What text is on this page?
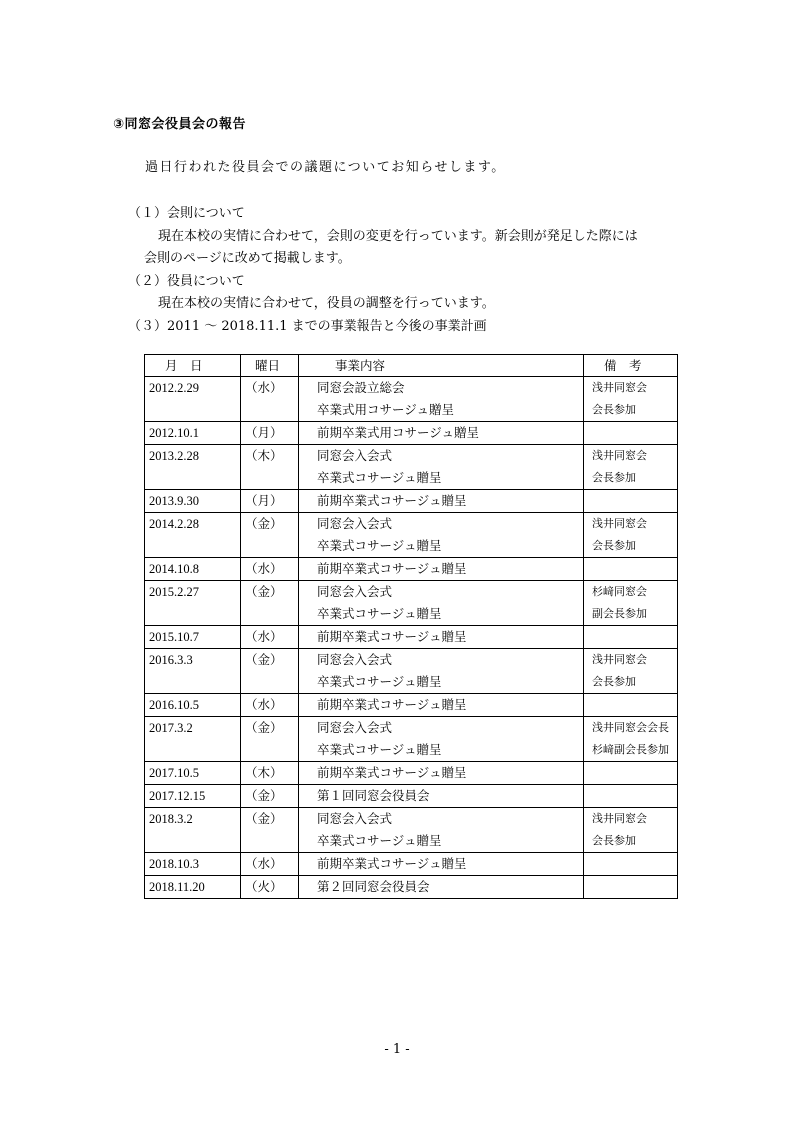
③同窓会役員会の報告
過日行われた役員会での議題についてお知らせします。
（１）会則について
現在本校の実情に合わせて，会則の変更を行っています。新会則が発足した際には
会則のページに改めて掲載します。
（２）役員について
現在本校の実情に合わせて，役員の調整を行っています。
（３）2011 ～ 2018.11.1 までの事業報告と今後の事業計画
月　日	曜日	事業内容	備　考

2012.2.29	（水）	同窓会設立総会
卒業式用コサージュ贈呈	浅井同窓会
会長参加

2012.10.1	（月）	前期卒業式用コサージュ贈呈	

2013.2.28	（木）	同窓会入会式
卒業式コサージュ贈呈	浅井同窓会
会長参加

2013.9.30	（月）	前期卒業式コサージュ贈呈	

2014.2.28	（金）	同窓会入会式
卒業式コサージュ贈呈	浅井同窓会
会長参加

2014.10.8	（水）	前期卒業式コサージュ贈呈	

2015.2.27	（金）	同窓会入会式
卒業式コサージュ贈呈	杉﨑同窓会
副会長参加

2015.10.7	（水）	前期卒業式コサージュ贈呈	

2016.3.3	（金）	同窓会入会式
卒業式コサージュ贈呈	浅井同窓会
会長参加

2016.10.5	（水）	前期卒業式コサージュ贈呈	

2017.3.2	（金）	同窓会入会式
卒業式コサージュ贈呈	浅井同窓会会長
杉﨑副会長参加

2017.10.5	（木）	前期卒業式コサージュ贈呈	

2017.12.15	（金）	第１回同窓会役員会	

2018.3.2	（金）	同窓会入会式
卒業式コサージュ贈呈	浅井同窓会
会長参加

2018.10.3	（水）	前期卒業式コサージュ贈呈	

2018.11.20	（火）	第２回同窓会役員会	

- 1 -
